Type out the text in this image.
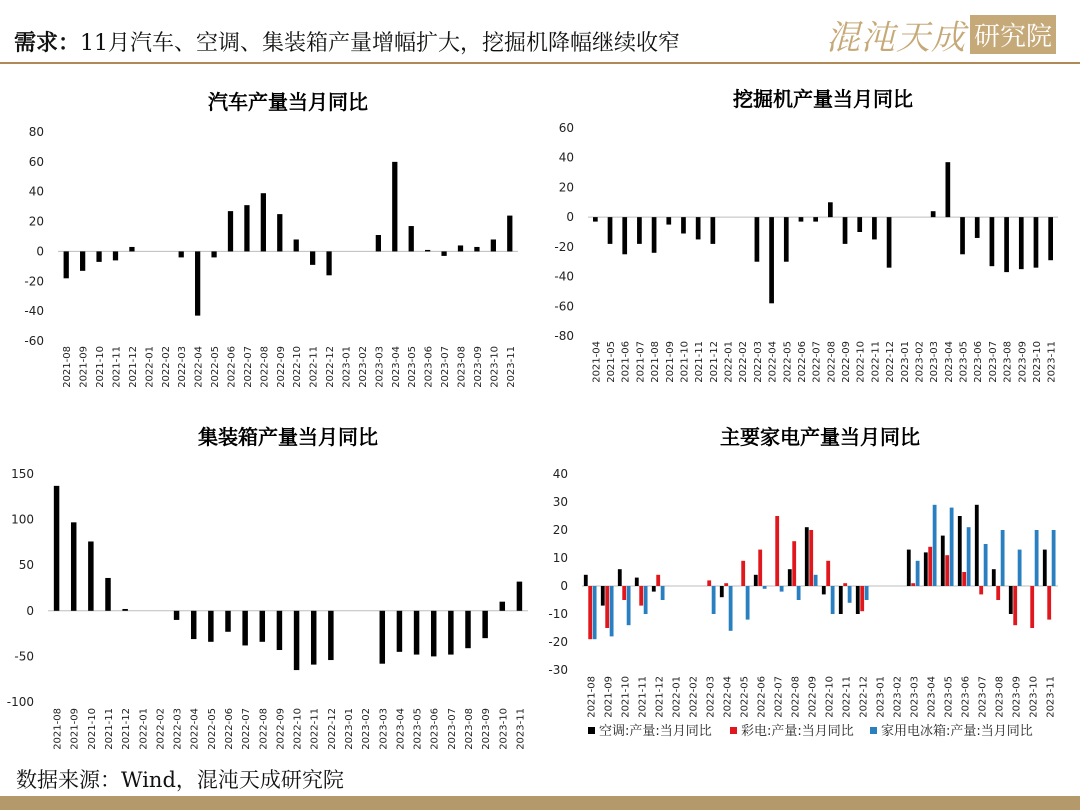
需求：11月汽车、空调、集装箱产量增幅扩大，挖掘机降幅继续收窄	混沌天成 研究院
汽车产量当月同比
-60
-40
-20
0
20
40
60
80
2021-08 2021-09 2021-10 2021-11 2021-12 2022-01 2022-02 2022-03 2022-04 2022-05 2022-06 2022-07 2022-08 2022-09 2022-10 2022-11 2022-12 2023-01 2023-02 2023-03 2023-04 2023-05 2023-06 2023-07 2023-08 2023-09 2023-10 2023-11
挖掘机产量当月同比
-80
-60
-40
-20
0
20
40
60
2021-04 2021-05 2021-06 2021-07 2021-08 2021-09 2021-10 2021-11 2021-12 2022-01 2022-02 2022-03 2022-04 2022-05 2022-06 2022-07 2022-08 2022-09 2022-10 2022-11 2022-12 2023-01 2023-02 2023-03 2023-04 2023-05 2023-06 2023-07 2023-08 2023-09 2023-10 2023-11
集装箱产量当月同比
-100
-50
0
50
100
150
2021-08 2021-09 2021-10 2021-11 2021-12 2022-01 2022-02 2022-03 2022-04 2022-05 2022-06 2022-07 2022-08 2022-09 2022-10 2022-11 2022-12 2023-01 2023-02 2023-03 2023-04 2023-05 2023-06 2023-07 2023-08 2023-09 2023-10 2023-11
主要家电产量当月同比
-30
-20
-10
0
10
20
30
40
2021-08 2021-09 2021-10 2021-11 2021-12 2022-01 2022-02 2022-03 2022-04 2022-05 2022-06 2022-07 2022-08 2022-09 2022-10 2022-11 2022-12 2023-01 2023-02 2023-03 2023-04 2023-05 2023-06 2023-07 2023-08 2023-09 2023-10 2023-11
空调:产量:当月同比 彩电:产量:当月同比 家用电冰箱:产量:当月同比
数据来源：Wind，混沌天成研究院
